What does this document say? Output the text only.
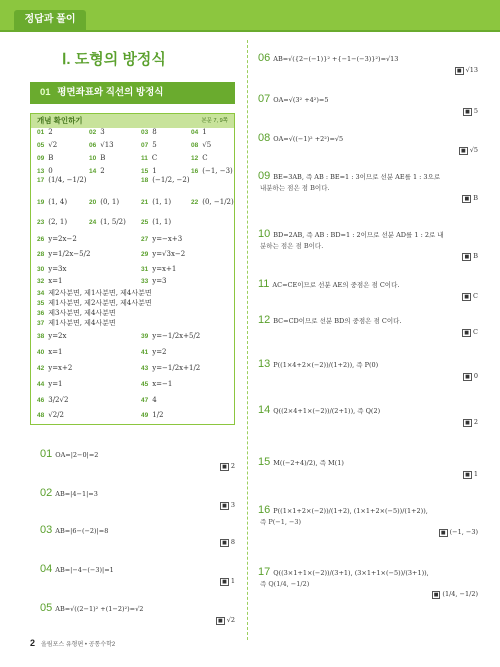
정답과 풀이
Ⅰ. 도형의 방정식
01 평면좌표와 직선의 방정식
개념 확인하기	본문 7, 9쪽
01 2	02 3	03 8	04 1
05 √2	06 √13	07 5	08 √5
09 B	10 B	11 C	12 C
13 0	14 2	15 1	16 (−1, −3)
17 (1/4, −1/2)	18 (−1/2, −2)
19 (1, 4)	20 (0, 1)	21 (1, 1)	22 (0, −1/2)
23 (2, 1)	24 (1, 5/2) 25 (1, 1)
26 y=2x−2	27 y=−x+3
28 y=1/2x−5/2	29 y=√3x−2
30 y=3x	31 y=x+1
32 x=1	33 y=3
34 제2사분면, 제1사분면, 제4사분면
35 제1사분면, 제2사분면, 제4사분면
36 제3사분면, 제4사분면
37 제1사분면, 제4사분면
38 y=2x	39 y=−1/2x+5/2
40 x=1	41 y=2
42 y=x+2	43 y=−1/2x+1/2
44 y=1	45 x=−1
46 3/2√2	47 4
48 √2/2	49 1/2
01 OA=|2−0|=2
■ 2
02 AB=|4−1|=3
■ 3
03 AB=|6−(−2)|=8
■ 8
04 AB=|−4−(−3)|=1
■ 1
05 AB=√((2−1)² +(1−2)²)=√2
■ √2
06 AB=√({2−(−1)}² +{−1−(−3)}²)=√13
■ √13
07 OA=√(3² +4²)=5
■ 5
08 OA=√((−1)² +2²)=√5
■ √5
09 BE=3AB, 즉 AB : BE=1 : 3이므로 선분 AE를 1 : 3으로
내분하는 점은 점 B이다.
■ B
10 BD=2AB, 즉 AB : BD=1 : 2이므로 선분 AD를 1 : 2로 내
분하는 점은 점 B이다.
■ B
11 AC=CE이므로 선분 AE의 중점은 점 C이다.
■ C
12 BC=CD이므로 선분 BD의 중점은 점 C이다.
■ C
13 P((1×4+2×(−2))/(1+2)), 즉 P(0)
■ 0
14 Q((2×4+1×(−2))/(2+1)), 즉 Q(2)
■ 2
15 M((−2+4)/2), 즉 M(1)
■ 1
16 P((1×1+2×(−2))/(1+2), (1×1+2×(−5))/(1+2)),
즉 P(−1, −3)
■ (−1, −3)
17 Q((3×1+1×(−2))/(3+1), (3×1+1×(−5))/(3+1)),
즉 Q(1/4, −1/2)
■ (1/4, −1/2)
2 올림포스 유형편 • 공통수학2
